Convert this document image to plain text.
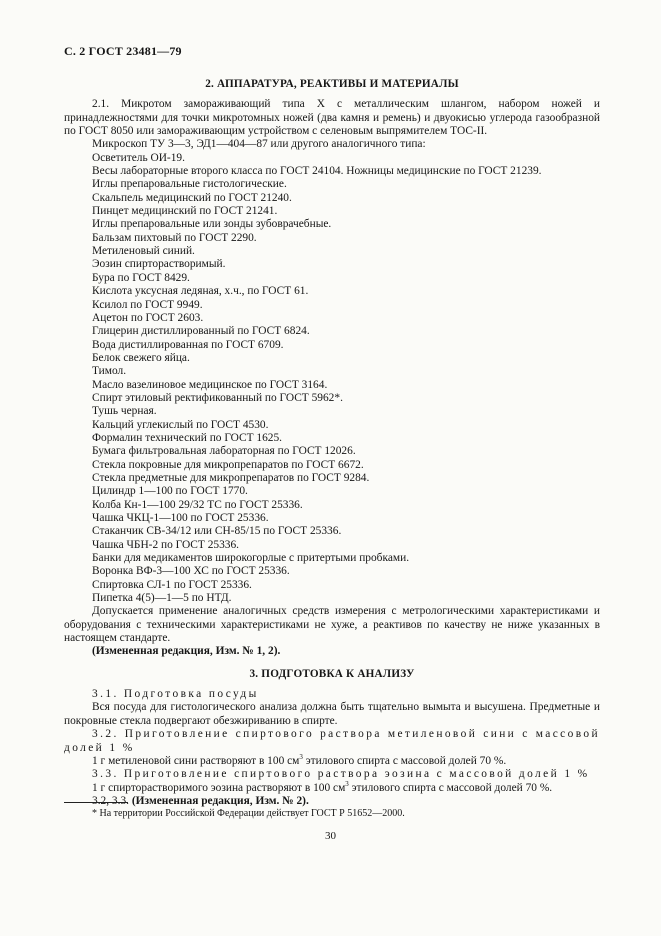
С. 2 ГОСТ 23481—79
2. АППАРАТУРА, РЕАКТИВЫ И МАТЕРИАЛЫ

2.1. Микротом замораживающий типа X с металлическим шлангом, набором ножей и принадлежностями для точки микротомных ножей (два камня и ремень) и двуокисью углерода газообразной по ГОСТ 8050 или замораживающим устройством с селеновым выпрямителем ТОС-II.

Микроскоп ТУ 3—3, ЭД1—404—87 или другого аналогичного типа:

Осветитель ОИ-19.

Весы лабораторные второго класса по ГОСТ 24104. Ножницы медицинские по ГОСТ 21239.

Иглы препаровальные гистологические.

Скальпель медицинский по ГОСТ 21240.

Пинцет медицинский по ГОСТ 21241.

Иглы препаровальные или зонды зубоврачебные.

Бальзам пихтовый по ГОСТ 2290.

Метиленовый синий.

Эозин спирторастворимый.

Бура по ГОСТ 8429.

Кислота уксусная ледяная, х.ч., по ГОСТ 61.

Ксилол по ГОСТ 9949.

Ацетон по ГОСТ 2603.

Глицерин дистиллированный по ГОСТ 6824.

Вода дистиллированная по ГОСТ 6709.

Белок свежего яйца.

Тимол.

Масло вазелиновое медицинское по ГОСТ 3164.

Спирт этиловый ректификованный по ГОСТ 5962*.

Тушь черная.

Кальций углекислый по ГОСТ 4530.

Формалин технический по ГОСТ 1625.

Бумага фильтровальная лабораторная по ГОСТ 12026.

Стекла покровные для микропрепаратов по ГОСТ 6672.

Стекла предметные для микропрепаратов по ГОСТ 9284.

Цилиндр 1—100 по ГОСТ 1770.

Колба Кн-1—100 29/32 ТС по ГОСТ 25336.

Чашка ЧКЦ-1—100 по ГОСТ 25336.

Стаканчик СВ-34/12 или СН-85/15 по ГОСТ 25336.

Чашка ЧБН-2 по ГОСТ 25336.

Банки для медикаментов широкогорлые с притертыми пробками.

Воронка ВФ-3—100 ХС по ГОСТ 25336.

Спиртовка СЛ-1 по ГОСТ 25336.

Пипетка 4(5)—1—5 по НТД.

Допускается применение аналогичных средств измерения с метрологическими характеристиками и оборудования с техническими характеристиками не хуже, а реактивов по качеству не ниже указанных в настоящем стандарте.

(Измененная редакция, Изм. № 1, 2).

3. ПОДГОТОВКА К АНАЛИЗУ

3.1. Подготовка посуды

Вся посуда для гистологического анализа должна быть тщательно вымыта и высушена. Предметные и покровные стекла подвергают обезжириванию в спирте.

3.2. Приготовление спиртового раствора метиленовой сини с массовой долей 1 %

1 г метиленовой сини растворяют в 100 $см^3$ этилового спирта с массовой долей 70 %.

3.3. Приготовление спиртового раствора эозина с массовой долей 1 %

1 г спирторастворимого эозина растворяют в 100 $см^3$ этилового спирта с массовой долей 70 %.

3.2, 3.3. (Измененная редакция, Изм. № 2).

* На территории Российской Федерации действует ГОСТ Р 51652—2000.
30
